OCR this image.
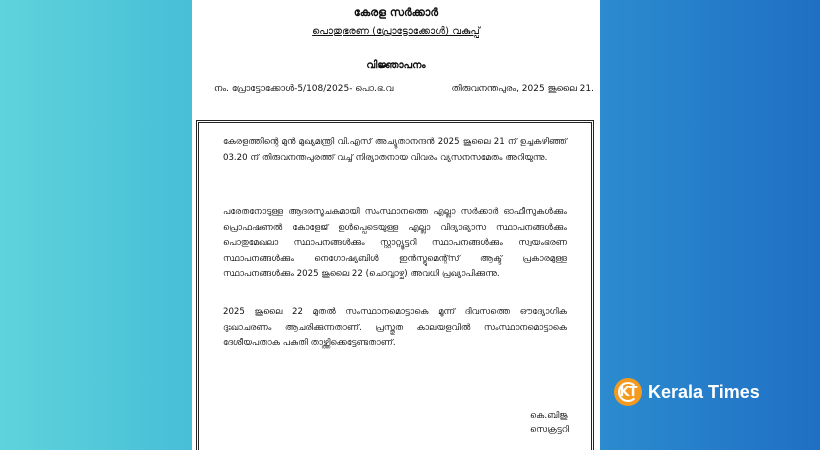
കേരള സർക്കാർ
പൊതുഭരണ (പ്രോട്ടോക്കോൾ) വകുപ്പ്
വിജ്ഞാപനം
നം. പ്രോട്ടോക്കോൾ-5/108/2025- പൊ.ഭ.വ	തിരുവനന്തപുരം, 2025 ജൂലൈ 21.

കേരളത്തിന്റെ മുൻ മുഖ്യമന്ത്രി വി.എസ് അച്യുതാനന്ദൻ 2025 ജൂലൈ 21 ന് ഉച്ചകഴിഞ്ഞ് 03.20 ന് തിരുവനന്തപുരത്ത് വച്ച് നിര്യാതനായ വിവരം വ്യസനസമേതം അറിയുന്നു.

പരേതനോടുള്ള ആദരസൂചകമായി സംസ്ഥാനത്തെ എല്ലാ സർക്കാർ ഓഫീസുകൾക്കും പ്രൊഫഷണൽ കോളേജ് ഉൾപ്പെടെയുള്ള എല്ലാ വിദ്യാഭ്യാസ സ്ഥാപനങ്ങൾക്കും പൊതുമേഖലാ സ്ഥാപനങ്ങൾക്കും സ്റ്റാറ്റ്യൂട്ടറി സ്ഥാപനങ്ങൾക്കും സ്വയംഭരണ സ്ഥാപനങ്ങൾക്കും നെഗോഷ്യബിൾ ഇൻസ്ട്രുമെന്റ്സ് ആക്ട് പ്രകാരമുള്ള സ്ഥാപനങ്ങൾക്കും 2025 ജൂലൈ 22 (ചൊവ്വാഴ്ച) അവധി പ്രഖ്യാപിക്കുന്നു.

2025 ജൂലൈ 22 മുതൽ സംസ്ഥാനമൊട്ടാകെ മൂന്ന് ദിവസത്തെ ഔദ്യോഗിക ദുഃഖാചരണം ആചരിക്കുന്നതാണ്. പ്രസ്തുത കാലയളവിൽ സംസ്ഥാനമൊട്ടാകെ ദേശീയപതാക പകുതി താഴ്ത്തിക്കെട്ടേണ്ടതാണ്.

കെ.ബിജു
സെക്രട്ടറി
KT Kerala Times
